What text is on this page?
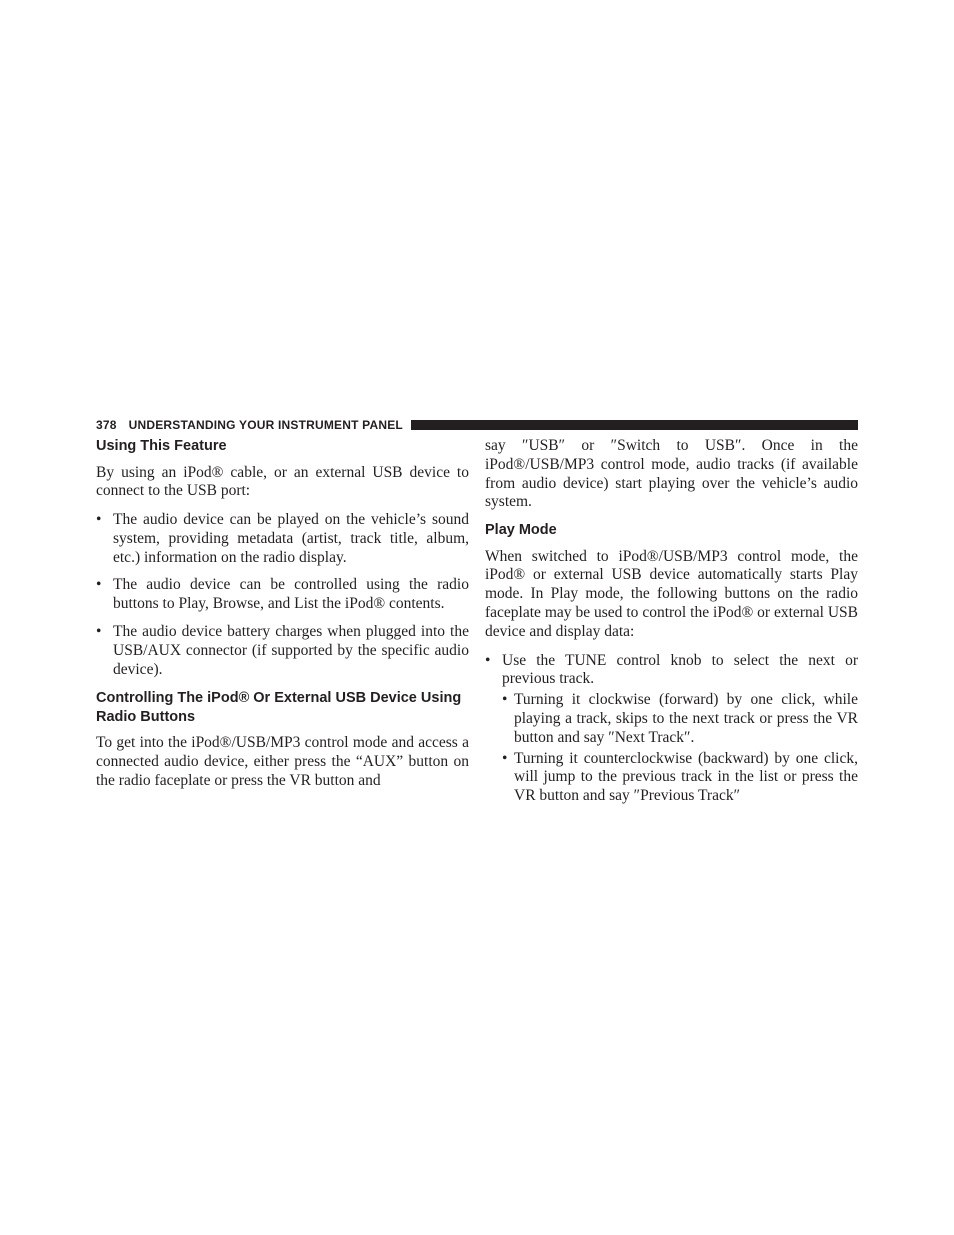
378 UNDERSTANDING YOUR INSTRUMENT PANEL
Using This Feature

By using an iPod® cable, or an external USB device to connect to the USB port:

• The audio device can be played on the vehicle’s sound system, providing metadata (artist, track title, album, etc.) information on the radio display.
• The audio device can be controlled using the radio buttons to Play, Browse, and List the iPod® contents.
• The audio device battery charges when plugged into the USB/AUX connector (if supported by the specific audio device).
Controlling The iPod® Or External USB Device Using Radio Buttons

To get into the iPod®/USB/MP3 control mode and access a connected audio device, either press the “AUX” button on the radio faceplate or press the VR button and

say ″USB″ or ″Switch to USB″. Once in the iPod®/USB/MP3 control mode, audio tracks (if available from audio device) start playing over the vehicle’s audio system.

Play Mode

When switched to iPod®/USB/MP3 control mode, the iPod® or external USB device automatically starts Play mode. In Play mode, the following buttons on the radio faceplate may be used to control the iPod® or external USB device and display data:

• Use the TUNE control knob to select the next or previous track.
• Turning it clockwise (forward) by one click, while playing a track, skips to the next track or press the VR button and say ″Next Track″.
• Turning it counterclockwise (backward) by one click, will jump to the previous track in the list or press the VR button and say ″Previous Track″
